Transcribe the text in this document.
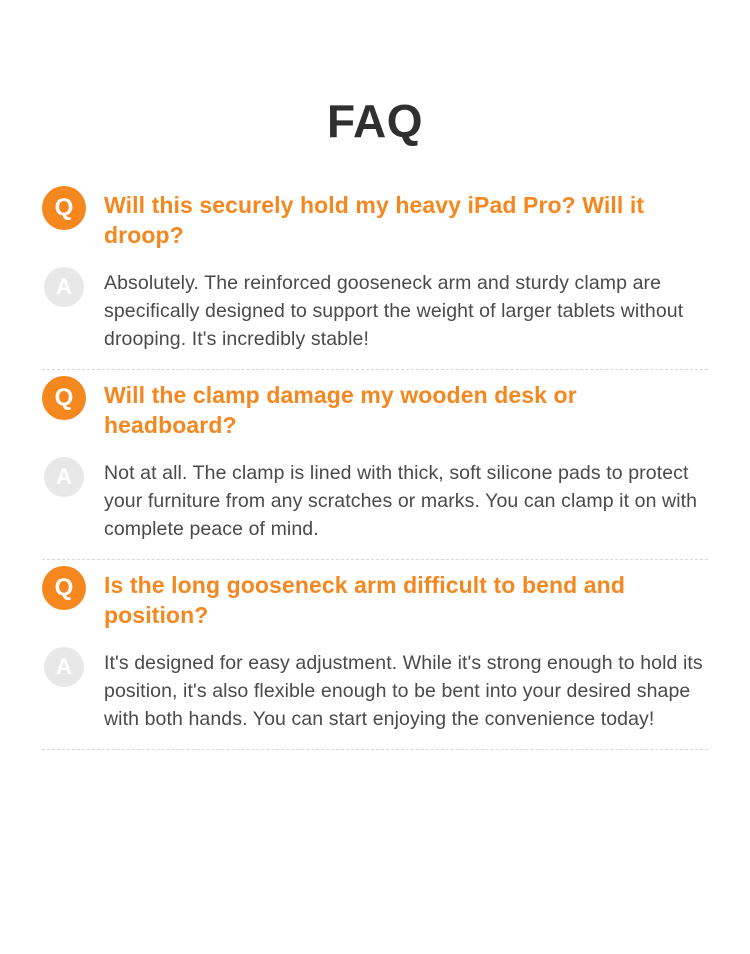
FAQ
Q	Will this securely hold my heavy iPad Pro? Will it droop?
A	Absolutely. The reinforced gooseneck arm and sturdy clamp are specifically designed to support the weight of larger tablets without drooping. It's incredibly stable!
Q	Will the clamp damage my wooden desk or headboard?
A	Not at all. The clamp is lined with thick, soft silicone pads to protect your furniture from any scratches or marks. You can clamp it on with complete peace of mind.
Q	Is the long gooseneck arm difficult to bend and position?
A	It's designed for easy adjustment. While it's strong enough to hold its position, it's also flexible enough to be bent into your desired shape with both hands. You can start enjoying the convenience today!
